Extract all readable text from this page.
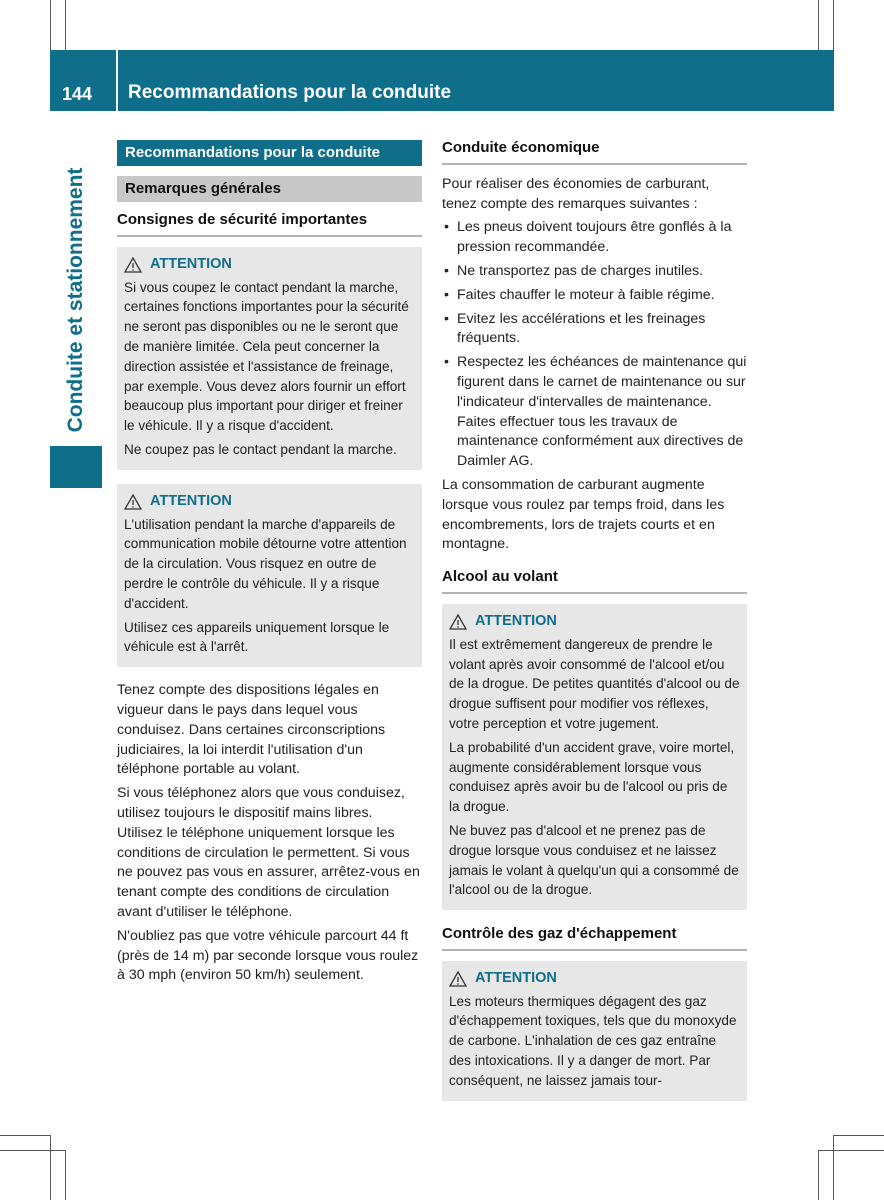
144 Recommandations pour la conduite
Conduite et stationnement
Recommandations pour la conduite
Remarques générales
Consignes de sécurité importantes
ATTENTION

Si vous coupez le contact pendant la marche, certaines fonctions importantes pour la sécurité ne seront pas disponibles ou ne le seront que de manière limitée. Cela peut concerner la direction assistée et l'assistance de freinage, par exemple. Vous devez alors fournir un effort beaucoup plus important pour diriger et freiner le véhicule. Il y a risque d'accident.

Ne coupez pas le contact pendant la marche.

ATTENTION

L'utilisation pendant la marche d'appareils de communication mobile détourne votre attention de la circulation. Vous risquez en outre de perdre le contrôle du véhicule. Il y a risque d'accident.

Utilisez ces appareils uniquement lorsque le véhicule est à l'arrêt.

Tenez compte des dispositions légales en vigueur dans le pays dans lequel vous conduisez. Dans certaines circonscriptions judiciaires, la loi interdit l'utilisation d'un téléphone portable au volant.

Si vous téléphonez alors que vous conduisez, utilisez toujours le dispositif mains libres. Utilisez le téléphone uniquement lorsque les conditions de circulation le permettent. Si vous ne pouvez pas vous en assurer, arrêtez-vous en tenant compte des conditions de circulation avant d'utiliser le téléphone.

N'oubliez pas que votre véhicule parcourt 44 ft (près de 14 m) par seconde lorsque vous roulez à 30 mph (environ 50 km/h) seulement.

Conduite économique

Pour réaliser des économies de carburant, tenez compte des remarques suivantes :

• Les pneus doivent toujours être gonflés à la pression recommandée.
• Ne transportez pas de charges inutiles.
• Faites chauffer le moteur à faible régime.
• Evitez les accélérations et les freinages fréquents.
• Respectez les échéances de maintenance qui figurent dans le carnet de maintenance ou sur l'indicateur d'intervalles de maintenance. Faites effectuer tous les travaux de maintenance conformément aux directives de Daimler AG.

La consommation de carburant augmente lorsque vous roulez par temps froid, dans les encombrements, lors de trajets courts et en montagne.

Alcool au volant
ATTENTION

Il est extrêmement dangereux de prendre le volant après avoir consommé de l'alcool et/ou de la drogue. De petites quantités d'alcool ou de drogue suffisent pour modifier vos réflexes, votre perception et votre jugement.

La probabilité d'un accident grave, voire mortel, augmente considérablement lorsque vous conduisez après avoir bu de l'alcool ou pris de la drogue.

Ne buvez pas d'alcool et ne prenez pas de drogue lorsque vous conduisez et ne laissez jamais le volant à quelqu'un qui a consommé de l'alcool ou de la drogue.

Contrôle des gaz d'échappement
ATTENTION

Les moteurs thermiques dégagent des gaz d'échappement toxiques, tels que du monoxyde de carbone. L'inhalation de ces gaz entraîne des intoxications. Il y a danger de mort. Par conséquent, ne laissez jamais tour-
